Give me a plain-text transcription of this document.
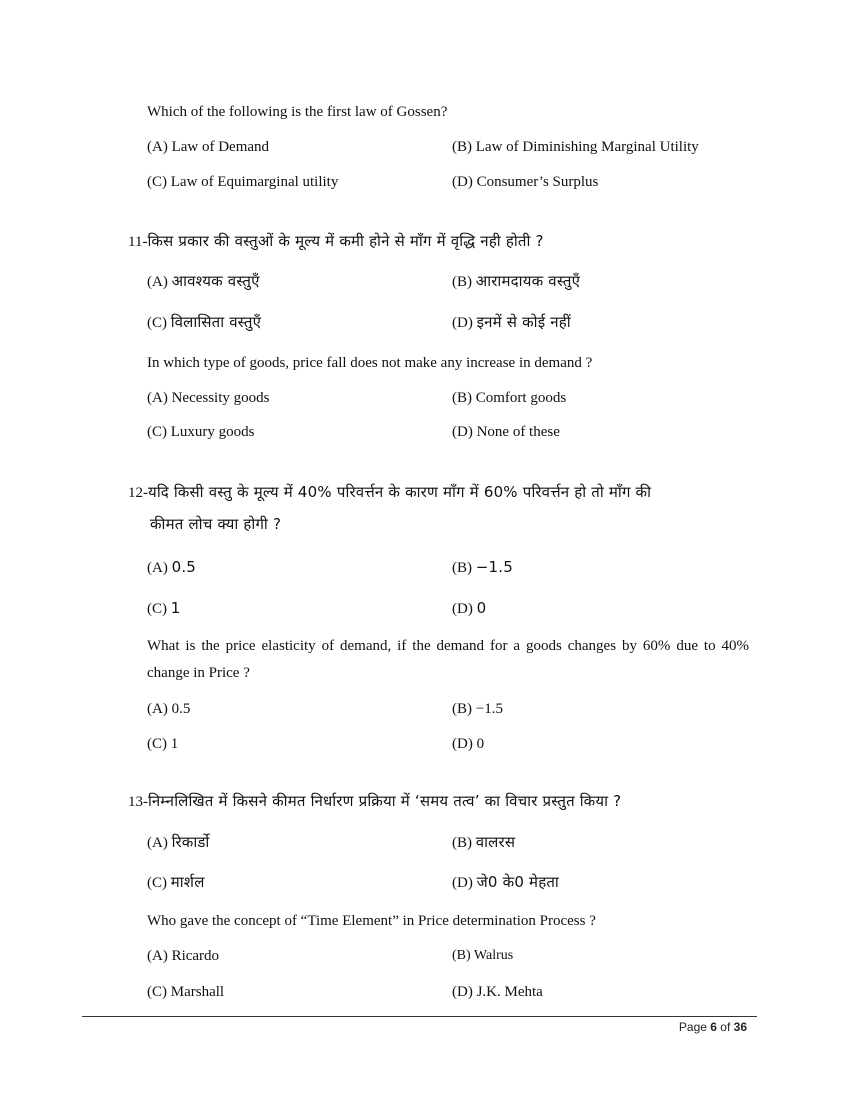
Which of the following is the first law of Gossen?
(A) Law of Demand	(B) Law of Diminishing Marginal Utility
(C) Law of Equimarginal utility	(D) Consumer’s Surplus
11-किस प्रकार की वस्तुओं के मूल्य में कमी होने से माँग में वृद्धि नही होती ?
(A) आवश्यक वस्तुएँ	(B) आरामदायक वस्तुएँ
(C) विलासिता वस्तुएँ	(D) इनमें से कोई नहीं
In which type of goods, price fall does not make any increase in demand ?
(A) Necessity goods	(B) Comfort goods
(C) Luxury goods	(D) None of these
12-यदि किसी वस्तु के मूल्य में 40% परिवर्त्तन के कारण माँग में 60% परिवर्त्तन हो तो माँग की
कीमत लोच क्या होगी ?
(A) 0.5	(B) −1.5
(C) 1	(D) 0
What is the price elasticity of demand, if the demand for a goods changes by 60% due to 40%
change in Price ?
(A) 0.5	(B) −1.5
(C) 1	(D) 0
13-निम्नलिखित में किसने कीमत निर्धारण प्रक्रिया में ‘समय तत्व’ का विचार प्रस्तुत किया ?
(A) रिकार्डो	(B) वालरस
(C) मार्शल	(D) जे0 के0 मेहता
Who gave the concept of “Time Element” in Price determination Process ?
(A) Ricardo	(B) Walrus
(C) Marshall	(D) J.K. Mehta
Page 6 of 36
